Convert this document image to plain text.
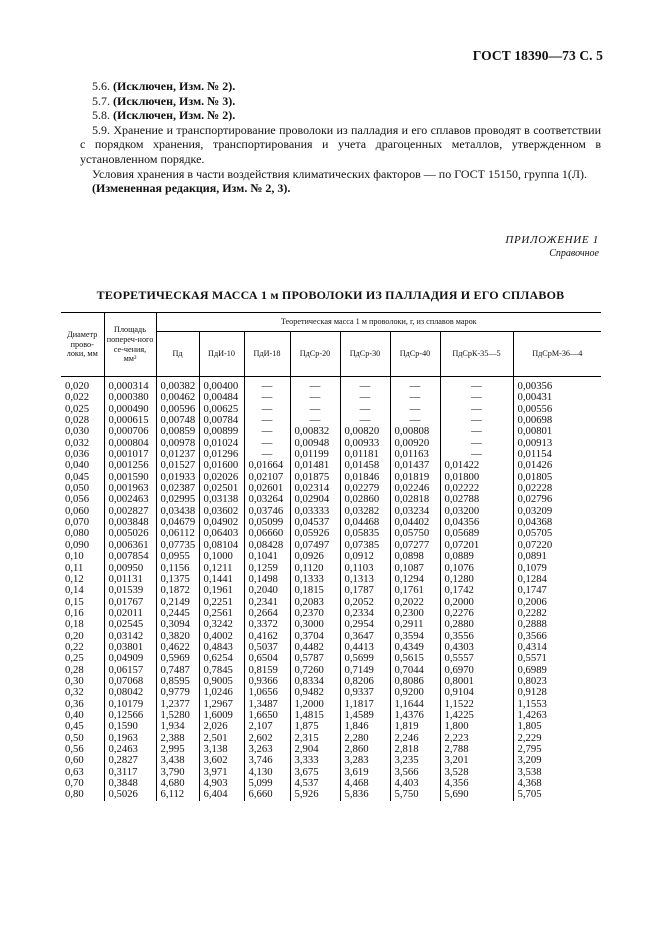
ГОСТ 18390—73 С. 5

5.6. (Исключен, Изм. № 2).

5.7. (Исключен, Изм. № 3).

5.8. (Исключен, Изм. № 2).

5.9. Хранение и транспортирование проволоки из палладия и его сплавов проводят в соответствии с порядком хранения, транспортирования и учета драгоценных металлов, утвержденном в установленном порядке.

Условия хранения в части воздействия климатических факторов — по ГОСТ 15150, группа 1(Л).

(Измененная редакция, Изм. № 2, 3).

ПРИЛОЖЕНИЕ 1
Справочное
ТЕОРЕТИЧЕСКАЯ МАССА 1 м ПРОВОЛОКИ ИЗ ПАЛЛАДИЯ И ЕГО СПЛАВОВ
Диаметр прово-локи, мм	Площадь попереч-ного се-чения, мм²	Теоретическая масса 1 м проволоки, г, из сплавов марок							
		Пд	ПдИ-10	ПдИ-18	ПдСр-20	ПдСр-30	ПдСр-40	ПдСрК-35—5	ПдСрМ-36—4
0,020	0,000314	0,00382	0,00400	—	—	—	—	—	0,00356
0,022	0,000380	0,00462	0,00484	—	—	—	—	—	0,00431
0,025	0,000490	0,00596	0,00625	—	—	—	—	—	0,00556
0,028	0,000615	0,00748	0,00784	—	—	—	—	—	0,00698
0,030	0,000706	0,00859	0,00899	—	0,00832	0,00820	0,00808	—	0,00801
0,032	0,000804	0,00978	0,01024	—	0,00948	0,00933	0,00920	—	0,00913
0,036	0,001017	0,01237	0,01296	—	0,01199	0,01181	0,01163	—	0,01154
0,040	0,001256	0,01527	0,01600	0,01664	0,01481	0,01458	0,01437	0,01422	0,01426
0,045	0,001590	0,01933	0,02026	0,02107	0,01875	0,01846	0,01819	0,01800	0,01805
0,050	0,001963	0,02387	0,02501	0,02601	0,02314	0,02279	0,02246	0,02222	0,02228
0,056	0,002463	0,02995	0,03138	0,03264	0,02904	0,02860	0,02818	0,02788	0,02796
0,060	0,002827	0,03438	0,03602	0,03746	0,03333	0,03282	0,03234	0,03200	0,03209
0,070	0,003848	0,04679	0,04902	0,05099	0,04537	0,04468	0,04402	0,04356	0,04368
0,080	0,005026	0,06112	0,06403	0,06660	0,05926	0,05835	0,05750	0,05689	0,05705
0,090	0,006361	0,07735	0,08104	0,08428	0,07497	0,07385	0,07277	0,07201	0,07220
0,10	0,007854	0,0955	0,1000	0,1041	0,0926	0,0912	0,0898	0,0889	0,0891
0,11	0,00950	0,1156	0,1211	0,1259	0,1120	0,1103	0,1087	0,1076	0,1079
0,12	0,01131	0,1375	0,1441	0,1498	0,1333	0,1313	0,1294	0,1280	0,1284
0,14	0,01539	0,1872	0,1961	0,2040	0,1815	0,1787	0,1761	0,1742	0,1747
0,15	0,01767	0,2149	0,2251	0,2341	0,2083	0,2052	0,2022	0,2000	0,2006
0,16	0,02011	0,2445	0,2561	0,2664	0,2370	0,2334	0,2300	0,2276	0,2282
0,18	0,02545	0,3094	0,3242	0,3372	0,3000	0,2954	0,2911	0,2880	0,2888
0,20	0,03142	0,3820	0,4002	0,4162	0,3704	0,3647	0,3594	0,3556	0,3566
0,22	0,03801	0,4622	0,4843	0,5037	0,4482	0,4413	0,4349	0,4303	0,4314
0,25	0,04909	0,5969	0,6254	0,6504	0,5787	0,5699	0,5615	0,5557	0,5571
0,28	0,06157	0,7487	0,7845	0,8159	0,7260	0,7149	0,7044	0,6970	0,6989
0,30	0,07068	0,8595	0,9005	0,9366	0,8334	0,8206	0,8086	0,8001	0,8023
0,32	0,08042	0,9779	1,0246	1,0656	0,9482	0,9337	0,9200	0,9104	0,9128
0,36	0,10179	1,2377	1,2967	1,3487	1,2000	1,1817	1,1644	1,1522	1,1553
0,40	0,12566	1,5280	1,6009	1,6650	1,4815	1,4589	1,4376	1,4225	1,4263
0,45	0,1590	1,934	2,026	2,107	1,875	1,846	1,819	1,800	1,805
0,50	0,1963	2,388	2,501	2,602	2,315	2,280	2,246	2,223	2,229
0,56	0,2463	2,995	3,138	3,263	2,904	2,860	2,818	2,788	2,795
0,60	0,2827	3,438	3,602	3,746	3,333	3,283	3,235	3,201	3,209
0,63	0,3117	3,790	3,971	4,130	3,675	3,619	3,566	3,528	3,538
0,70	0,3848	4,680	4,903	5,099	4,537	4,468	4,403	4,356	4,368
0,80	0,5026	6,112	6,404	6,660	5,926	5,836	5,750	5,690	5,705
